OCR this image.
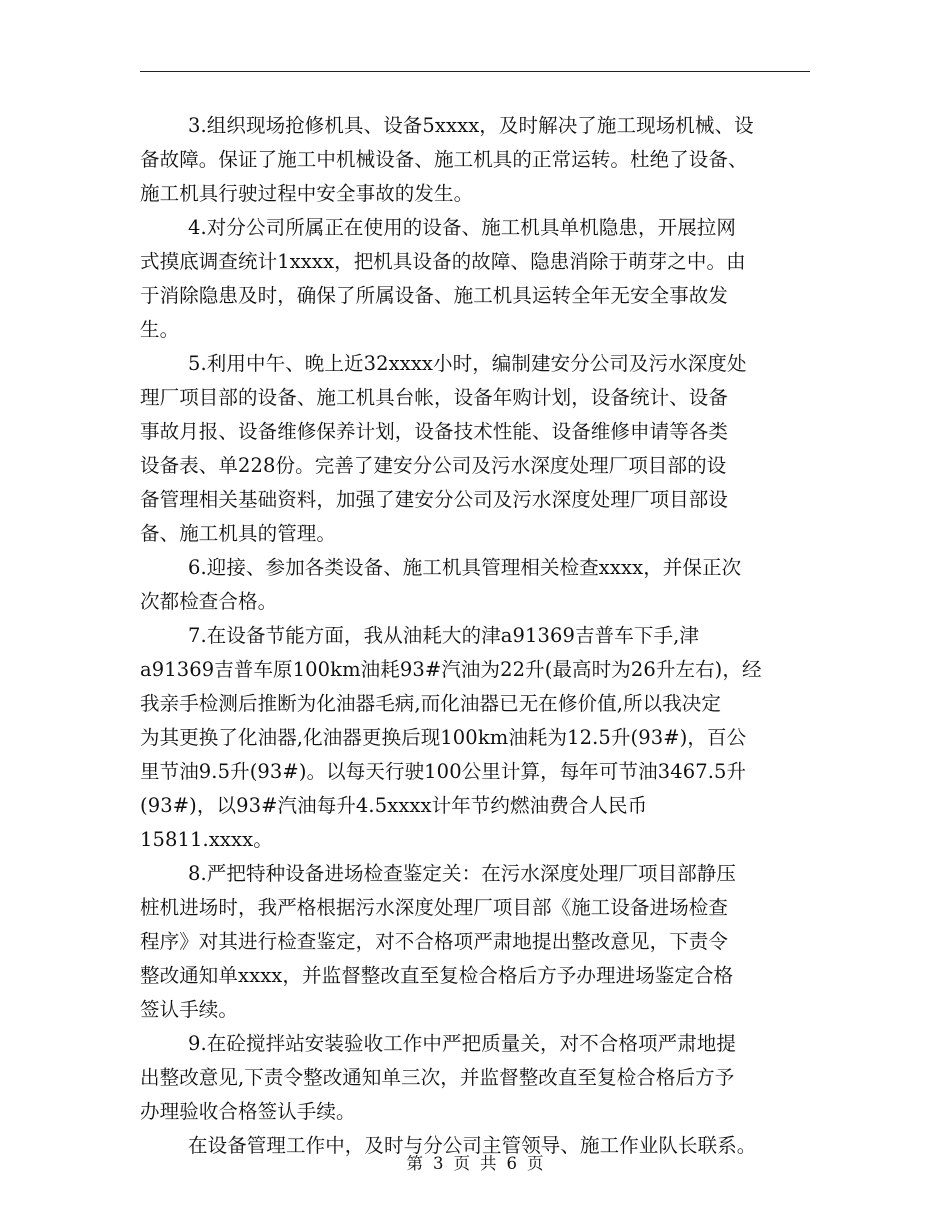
3.组织现场抢修机具、设备5xxxx，及时解决了施工现场机械、设
备故障。保证了施工中机械设备、施工机具的正常运转。杜绝了设备、
施工机具行驶过程中安全事故的发生。
4.对分公司所属正在使用的设备、施工机具单机隐患，开展拉网
式摸底调查统计1xxxx，把机具设备的故障、隐患消除于萌芽之中。由
于消除隐患及时，确保了所属设备、施工机具运转全年无安全事故发
生。
5.利用中午、晚上近32xxxx小时，编制建安分公司及污水深度处
理厂项目部的设备、施工机具台帐，设备年购计划，设备统计、设备
事故月报、设备维修保养计划，设备技术性能、设备维修申请等各类
设备表、单228份。完善了建安分公司及污水深度处理厂项目部的设
备管理相关基础资料，加强了建安分公司及污水深度处理厂项目部设
备、施工机具的管理。
6.迎接、参加各类设备、施工机具管理相关检查xxxx，并保正次
次都检查合格。
7.在设备节能方面，我从油耗大的津a91369吉普车下手,津
a91369吉普车原100km油耗93#汽油为22升(最高时为26升左右)，经
我亲手检测后推断为化油器毛病,而化油器已无在修价值,所以我决定
为其更换了化油器,化油器更换后现100km油耗为12.5升(93#)，百公
里节油9.5升(93#)。以每天行驶100公里计算，每年可节油3467.5升
(93#)，以93#汽油每升4.5xxxx计年节约燃油费合人民币
15811.xxxx。
8.严把特种设备进场检查鉴定关：在污水深度处理厂项目部静压
桩机进场时，我严格根据污水深度处理厂项目部《施工设备进场检查
程序》对其进行检查鉴定，对不合格项严肃地提出整改意见，下责令
整改通知单xxxx，并监督整改直至复检合格后方予办理进场鉴定合格
签认手续。
9.在砼搅拌站安装验收工作中严把质量关，对不合格项严肃地提
出整改意见,下责令整改通知单三次，并监督整改直至复检合格后方予
办理验收合格签认手续。
在设备管理工作中，及时与分公司主管领导、施工作业队长联系。
第 3 页 共 6 页
